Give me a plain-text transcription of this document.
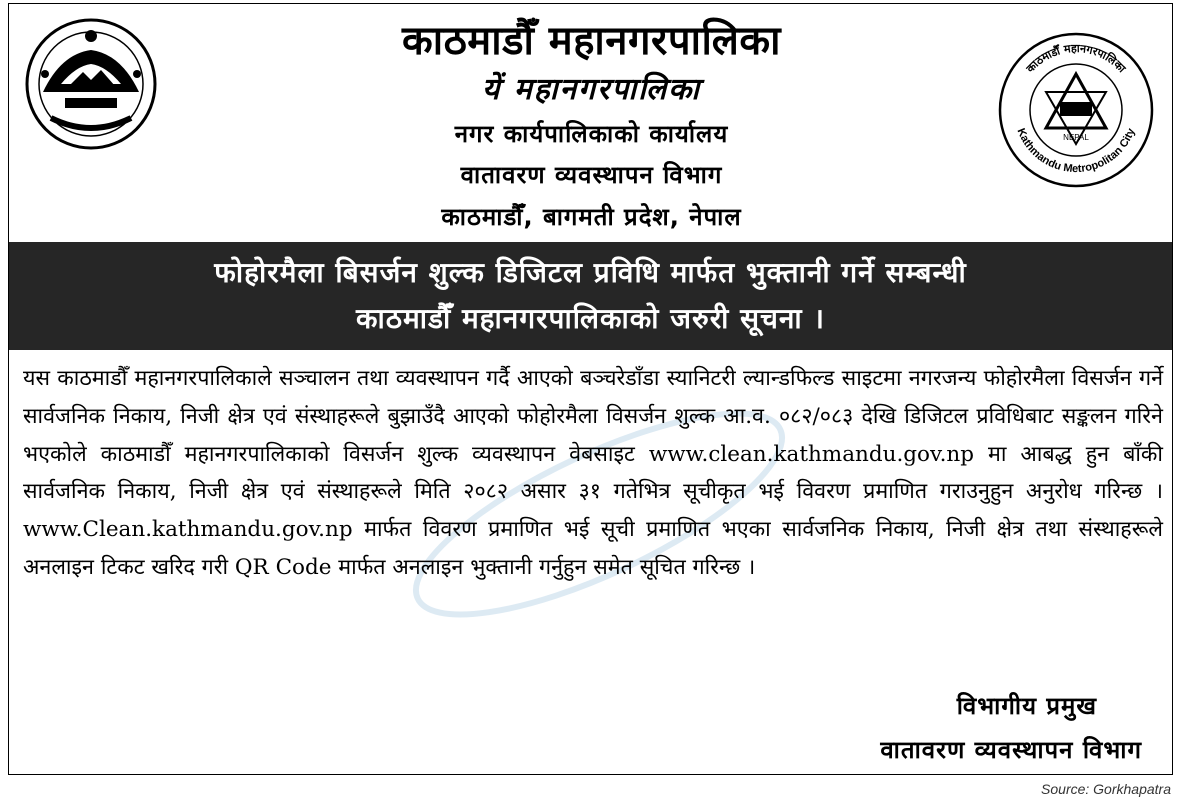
काठमाडौँ महानगरपालिका
यें महानगरपालिका
नगर कार्यपालिकाको कार्यालय
वातावरण व्यवस्थापन विभाग
काठमाडौँ, बागमती प्रदेश, नेपाल
काठमाडौँ महानगरपालिका
Kathmandu Metropolitan City
NEPAL
फोहोरमैला बिसर्जन शुल्क डिजिटल प्रविधि मार्फत भुक्तानी गर्ने सम्बन्धी
काठमाडौँ महानगरपालिकाको जरुरी सूचना ।

यस काठमाडौँ महानगरपालिकाले सञ्चालन तथा व्यवस्थापन गर्दै आएको बञ्चरेडाँडा स्यानिटरी ल्यान्डफिल्ड साइटमा नगरजन्य फोहोरमैला विसर्जन गर्ने सार्वजनिक निकाय, निजी क्षेत्र एवं संस्थाहरूले बुझाउँदै आएको फोहोरमैला विसर्जन शुल्क आ.व. ०८२/०८३ देखि डिजिटल प्रविधिबाट सङ्कलन गरिने भएकोले काठमाडौँ महानगरपालिकाको विसर्जन शुल्क व्यवस्थापन वेबसाइट www.clean.kathmandu.gov.np मा आबद्ध हुन बाँकी सार्वजनिक निकाय, निजी क्षेत्र एवं संस्थाहरूले मिति २०८२ असार ३१ गतेभित्र सूचीकृत भई विवरण प्रमाणित गराउनुहुन अनुरोध गरिन्छ । www.Clean.kathmandu.gov.np मार्फत विवरण प्रमाणित भई सूची प्रमाणित भएका सार्वजनिक निकाय, निजी क्षेत्र तथा संस्थाहरूले अनलाइन टिकट खरिद गरी QR Code मार्फत अनलाइन भुक्तानी गर्नुहुन समेत सूचित गरिन्छ ।

विभागीय प्रमुख
वातावरण व्यवस्थापन विभाग
Source: Gorkhapatra
